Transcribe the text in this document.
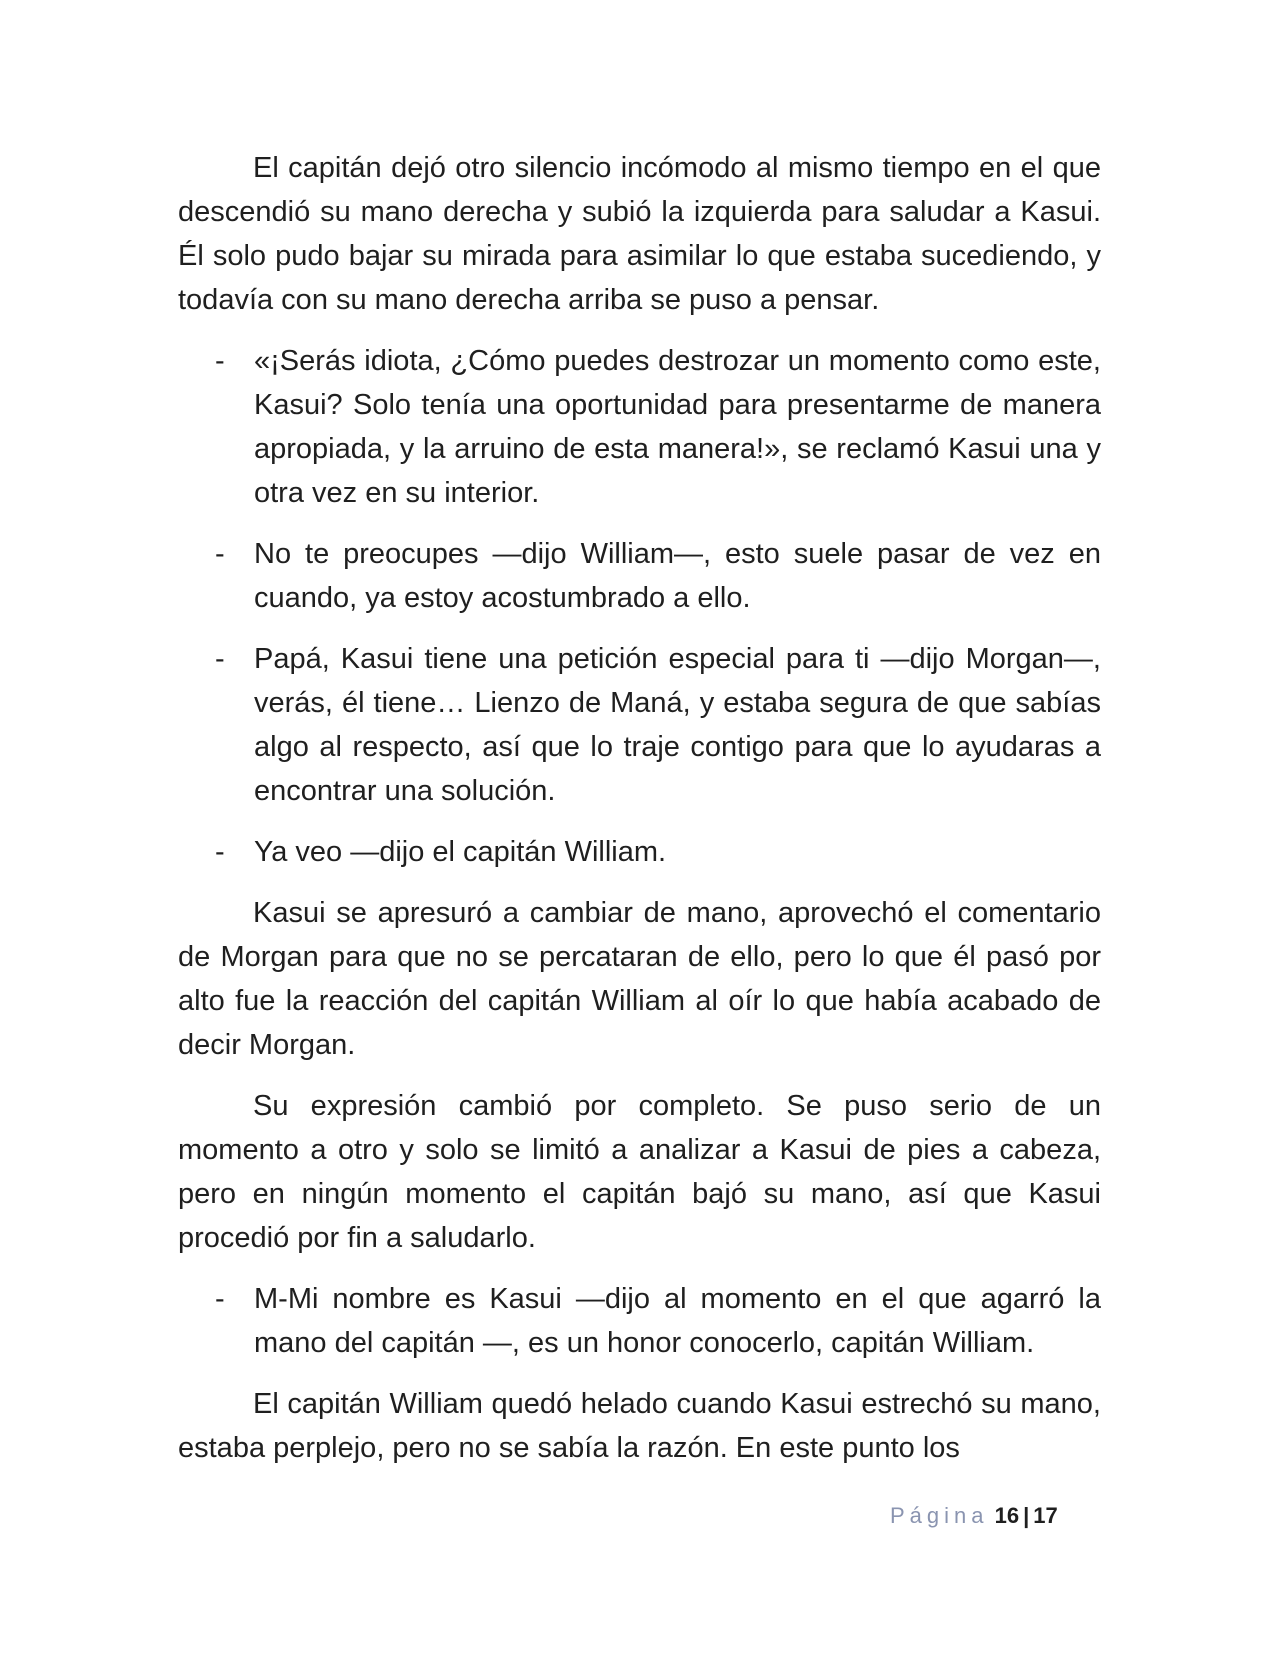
El capitán dejó otro silencio incómodo al mismo tiempo en el que descendió su mano derecha y subió la izquierda para saludar a Kasui. Él solo pudo bajar su mirada para asimilar lo que estaba sucediendo, y todavía con su mano derecha arriba se puso a pensar.

- «¡Serás idiota, ¿Cómo puedes destrozar un momento como este, Kasui? Solo tenía una oportunidad para presentarme de manera apropiada, y la arruino de esta manera!», se reclamó Kasui una y otra vez en su interior.
- No te preocupes —dijo William—, esto suele pasar de vez en cuando, ya estoy acostumbrado a ello.
- Papá, Kasui tiene una petición especial para ti —dijo Morgan—, verás, él tiene… Lienzo de Maná, y estaba segura de que sabías algo al respecto, así que lo traje contigo para que lo ayudaras a encontrar una solución.
- Ya veo —dijo el capitán William.

Kasui se apresuró a cambiar de mano, aprovechó el comentario de Morgan para que no se percataran de ello, pero lo que él pasó por alto fue la reacción del capitán William al oír lo que había acabado de decir Morgan.

Su expresión cambió por completo. Se puso serio de un momento a otro y solo se limitó a analizar a Kasui de pies a cabeza, pero en ningún momento el capitán bajó su mano, así que Kasui procedió por fin a saludarlo.

- M-Mi nombre es Kasui —dijo al momento en el que agarró la mano del capitán —, es un honor conocerlo, capitán William.

El capitán William quedó helado cuando Kasui estrechó su mano, estaba perplejo, pero no se sabía la razón. En este punto los

Página 16 | 17
